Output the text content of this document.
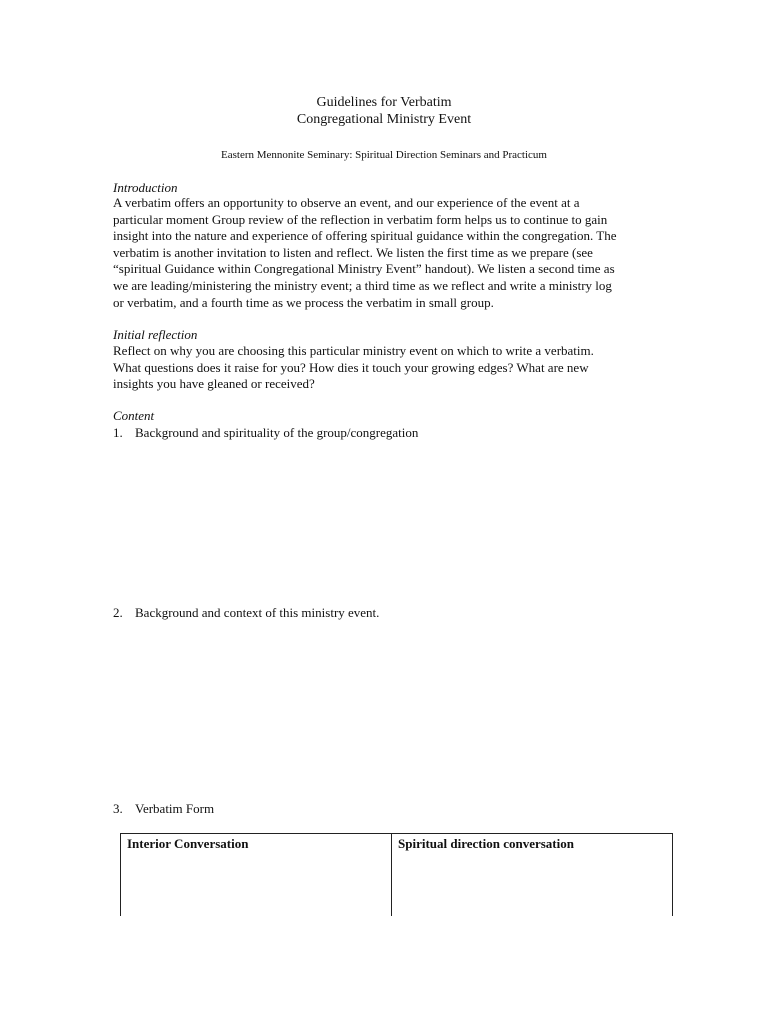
Guidelines for Verbatim
Congregational Ministry Event
Eastern Mennonite Seminary: Spiritual Direction Seminars and Practicum
Introduction
A verbatim offers an opportunity to observe an event, and our experience of the event at a
particular moment Group review of the reflection in verbatim form helps us to continue to gain
insight into the nature and experience of offering spiritual guidance within the congregation. The
verbatim is another invitation to listen and reflect. We listen the first time as we prepare (see
“spiritual Guidance within Congregational Ministry Event” handout). We listen a second time as
we are leading/ministering the ministry event; a third time as we reflect and write a ministry log
or verbatim, and a fourth time as we process the verbatim in small group.
Initial reflection
Reflect on why you are choosing this particular ministry event on which to write a verbatim.
What questions does it raise for you? How dies it touch your growing edges? What are new
insights you have gleaned or received?
Content
1. Background and spirituality of the group/congregation
2. Background and context of this ministry event.
3. Verbatim Form
Interior Conversation	Spiritual direction conversation
